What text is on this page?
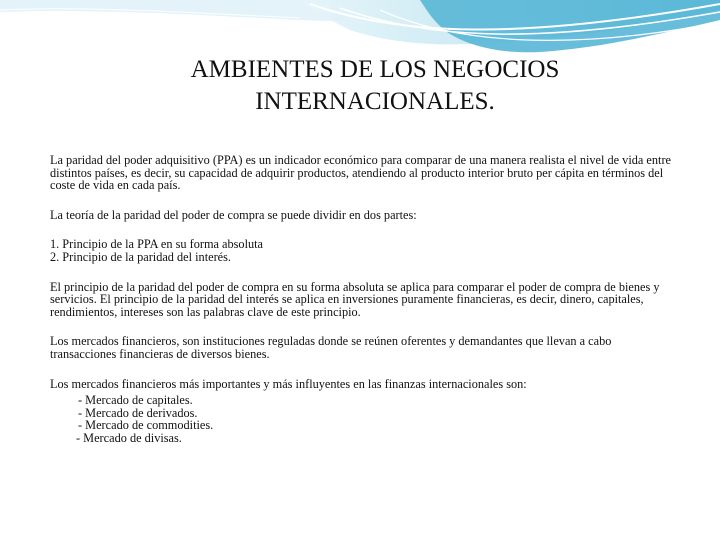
AMBIENTES DE LOS NEGOCIOS
INTERNACIONALES.

La paridad del poder adquisitivo (PPA) es un indicador económico para comparar de una manera realista el nivel de vida entre distintos países, es decir, su capacidad de adquirir productos, atendiendo al producto interior bruto per cápita en términos del coste de vida en cada país.

La teoría de la paridad del poder de compra se puede dividir en dos partes:

1. Principio de la PPA en su forma absoluta

2. Principio de la paridad del interés.

El principio de la paridad del poder de compra en su forma absoluta se aplica para comparar el poder de compra de bienes y servicios. El principio de la paridad del interés se aplica en inversiones puramente financieras, es decir, dinero, capitales, rendimientos, intereses son las palabras clave de este principio.

Los mercados financieros, son instituciones reguladas donde se reúnen oferentes y demandantes que llevan a cabo transacciones financieras de diversos bienes.

Los mercados financieros más importantes y más influyentes en las finanzas internacionales son:

- Mercado de capitales.

- Mercado de derivados.

- Mercado de commodities.

- Mercado de divisas.
